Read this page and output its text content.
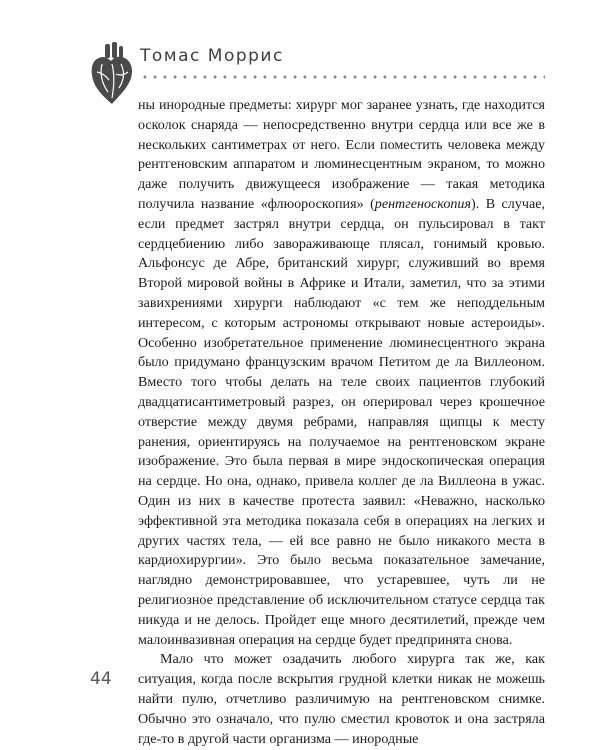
Томас Моррис

ны инородные предметы: хирург мог заранее узнать, где находится осколок снаряда — непосредственно внутри сердца или все же в нескольких сантиметрах от него. Если поместить человека между рентгеновским аппаратом и люминесцентным экраном, то можно даже получить движущееся изображение — такая методика получила название «флюороскопия» (рентгеноскопия). В случае, если предмет застрял внутри сердца, он пульсировал в такт сердцебиению либо завораживающе плясал, гонимый кровью. Альфонсус де Абре, британский хирург, служивший во время Второй мировой войны в Африке и Итали, заметил, что за этими завихрениями хирурги наблюдают «с тем же неподдельным интересом, с которым астрономы открывают новые астероиды». Особенно изобретательное применение люминесцентного экрана было придумано французским врачом Петитом де ла Виллеоном. Вместо того чтобы делать на теле своих пациентов глубокий двадцатисантиметровый разрез, он оперировал через крошечное отверстие между двумя ребрами, направляя щипцы к месту ранения, ориентируясь на получаемое на рентгеновском экране изображение. Это была первая в мире эндоскопическая операция на сердце. Но она, однако, привела коллег де ла Виллеона в ужас. Один из них в качестве протеста заявил: «Неважно, насколько эффективной эта методика показала себя в операциях на легких и других частях тела, — ей все равно не было никакого места в кардиохирургии». Это было весьма показательное замечание, наглядно демонстрировавшее, что устаревшее, чуть ли не религиозное представление об исключительном статусе сердца так никуда и не делось. Пройдет еще много десятилетий, прежде чем малоинвазивная операция на сердце будет предпринята снова.

Мало что может озадачить любого хирурга так же, как ситуация, когда после вскрытия грудной клетки никак не можешь найти пулю, отчетливо различимую на рентгеновском снимке. Обычно это означало, что пулю сместил кровоток и она застряла где-то в другой части организма — инородные

44
